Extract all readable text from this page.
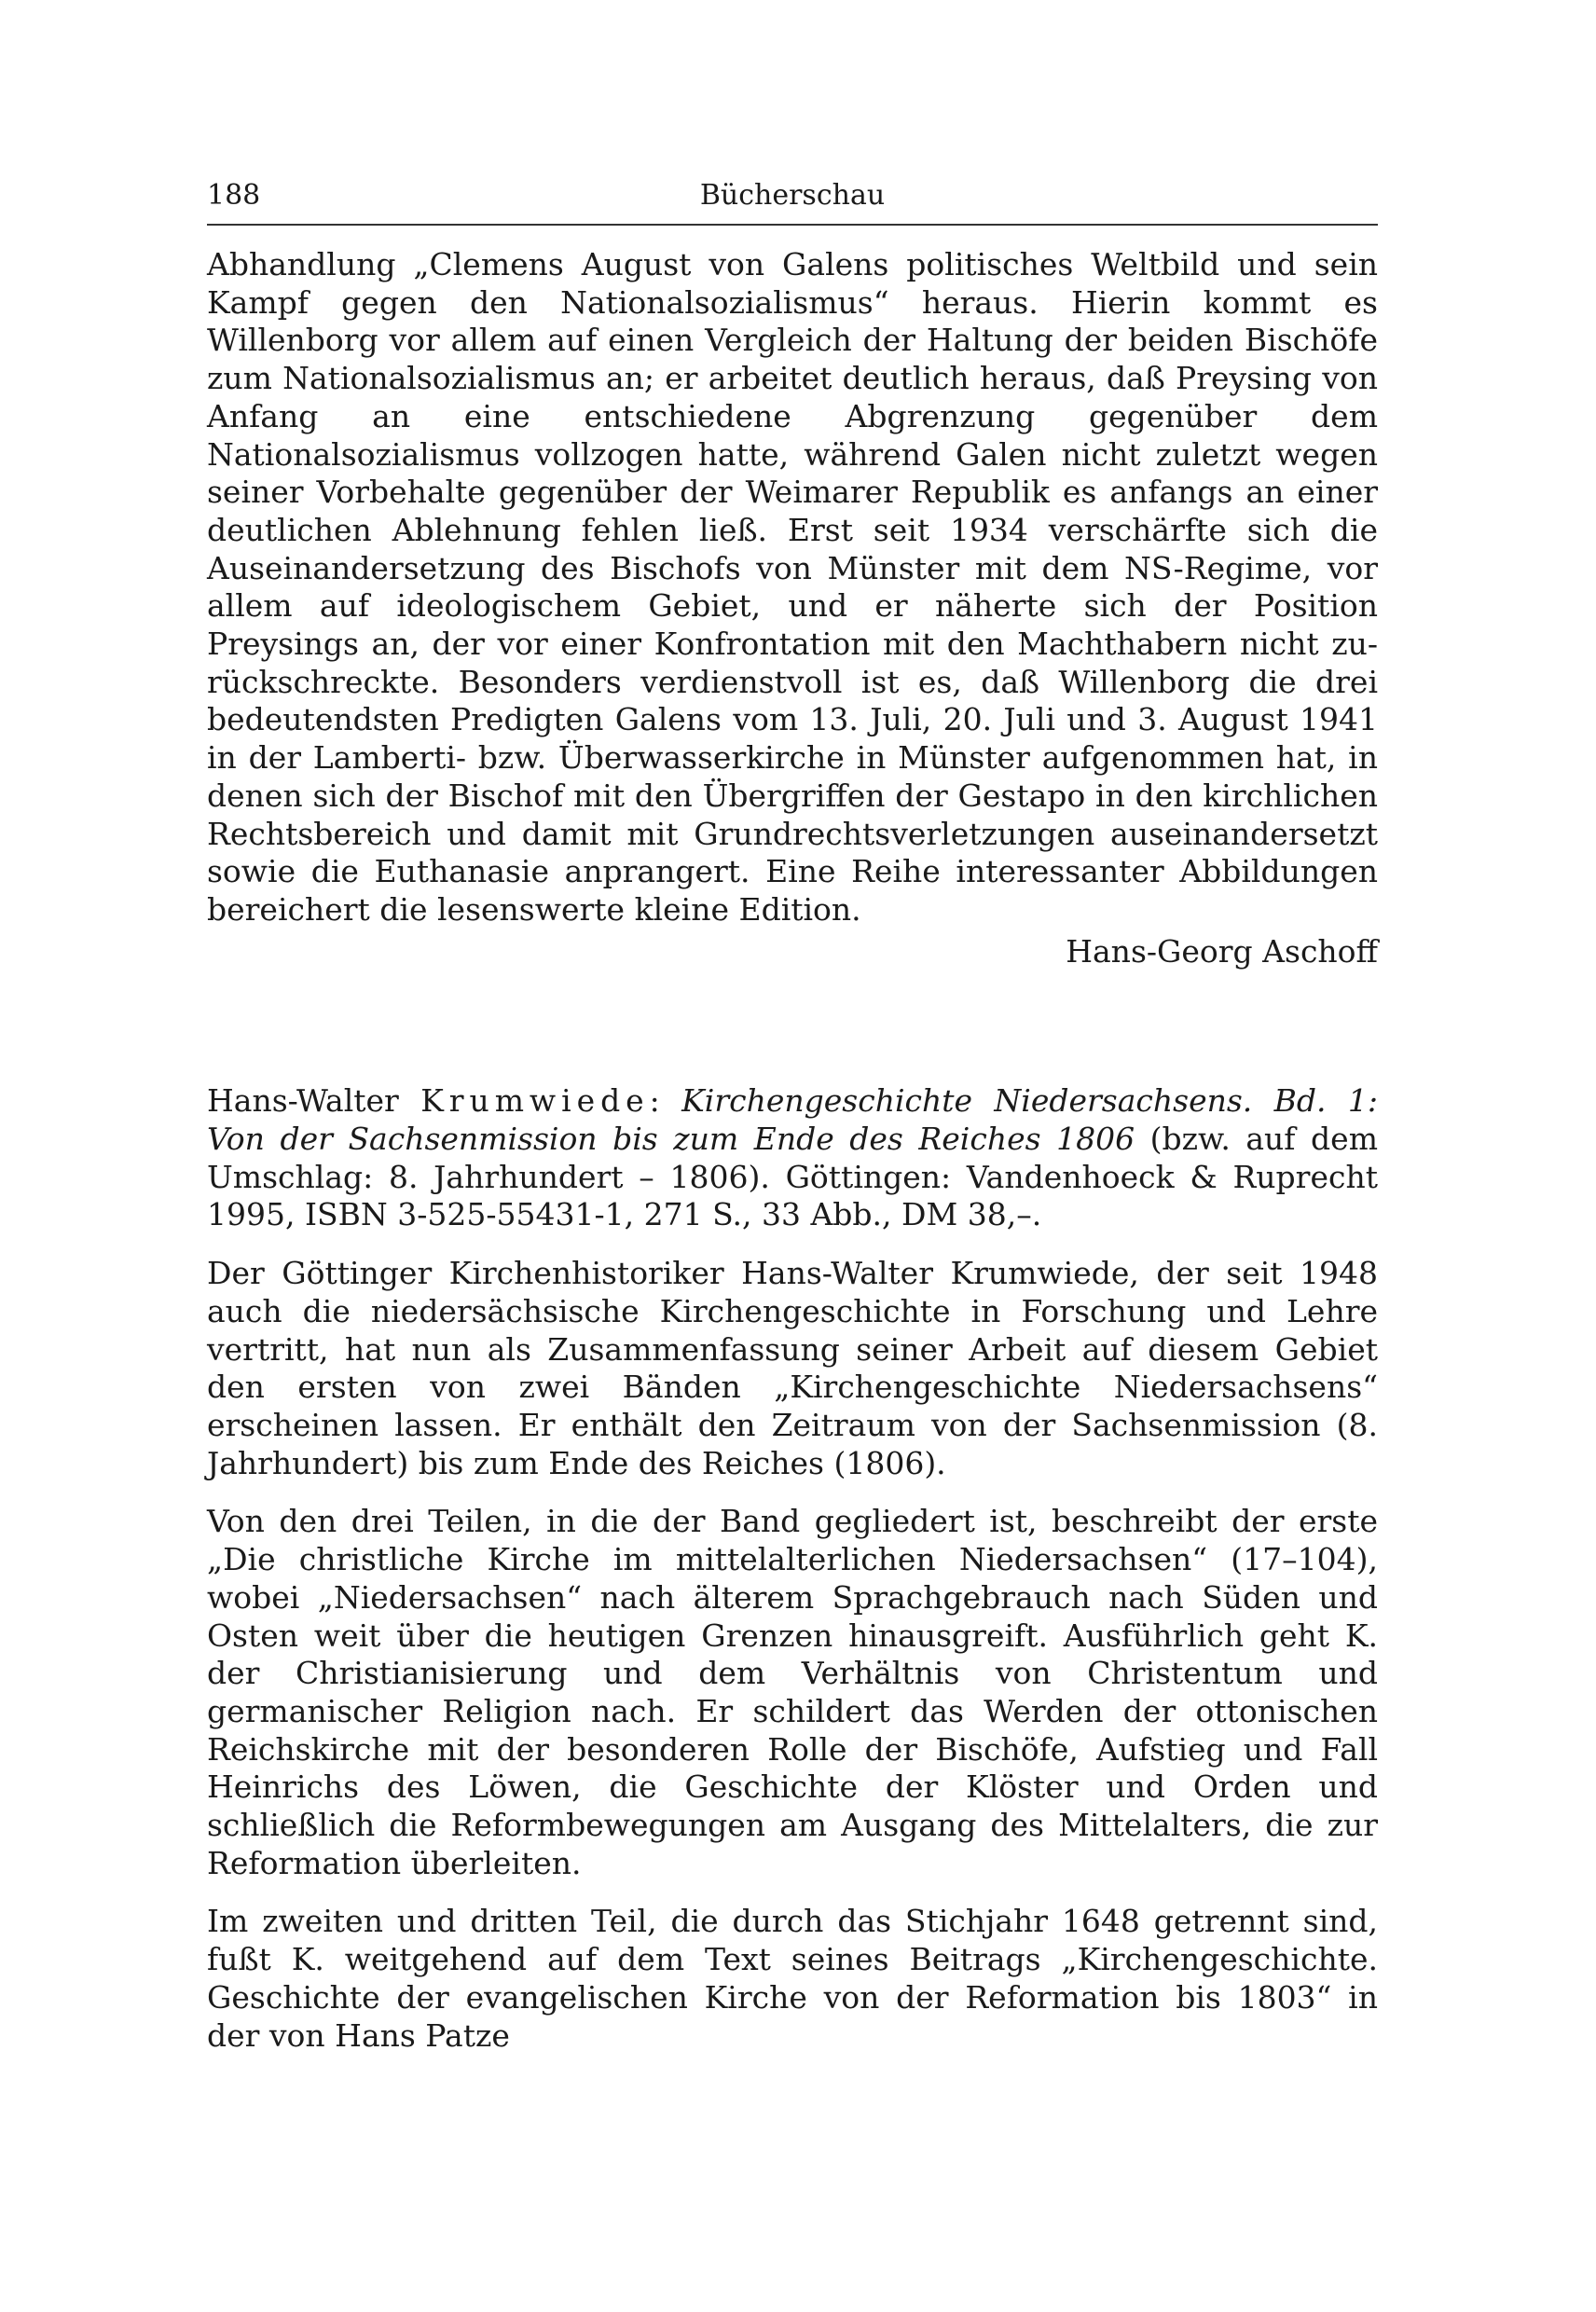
188	Bücherschau

Abhandlung „Clemens August von Galens politisches Weltbild und sein Kampf gegen den Nationalsozialismus“ heraus. Hierin kommt es Willenborg vor allem auf einen Vergleich der Haltung der beiden Bischöfe zum Nationalsozialismus an; er arbeitet deutlich heraus, daß Preysing von Anfang an eine entschiedene Abgrenzung gegenüber dem Nationalsozialismus vollzogen hatte, während Galen nicht zuletzt wegen seiner Vorbehalte gegenüber der Weimarer Republik es anfangs an einer deutlichen Ablehnung fehlen ließ. Erst seit 1934 verschärfte sich die Auseinandersetzung des Bischofs von Münster mit dem NS-Regime, vor allem auf ideologischem Gebiet, und er näherte sich der Position Preysings an, der vor einer Konfrontation mit den Machthabern nicht zurückschreckte. Besonders verdienstvoll ist es, daß Willenborg die drei bedeutendsten Predigten Galens vom 13. Juli, 20. Juli und 3. August 1941 in der Lamberti- bzw. Überwasserkirche in Münster aufgenommen hat, in denen sich der Bischof mit den Übergriffen der Gestapo in den kirchlichen Rechtsbereich und damit mit Grundrechtsverletzungen auseinandersetzt sowie die Euthanasie anprangert. Eine Reihe interessanter Abbildungen bereichert die lesenswerte kleine Edition.

Hans-Georg Aschoff

Hans-Walter Krumwiede: Kirchengeschichte Niedersachsens. Bd. 1: Von der Sachsenmission bis zum Ende des Reiches 1806 (bzw. auf dem Umschlag: 8. Jahrhundert – 1806). Göttingen: Vandenhoeck & Ruprecht 1995, ISBN 3-525-55431-1, 271 S., 33 Abb., DM 38,–.

Der Göttinger Kirchenhistoriker Hans-Walter Krumwiede, der seit 1948 auch die niedersächsische Kirchengeschichte in Forschung und Lehre vertritt, hat nun als Zusammenfassung seiner Arbeit auf diesem Gebiet den ersten von zwei Bänden „Kirchengeschichte Niedersachsens“ erscheinen lassen. Er enthält den Zeitraum von der Sachsenmission (8. Jahrhundert) bis zum Ende des Reiches (1806).

Von den drei Teilen, in die der Band gegliedert ist, beschreibt der erste „Die christliche Kirche im mittelalterlichen Niedersachsen“ (17–104), wobei „Niedersachsen“ nach älterem Sprachgebrauch nach Süden und Osten weit über die heutigen Grenzen hinausgreift. Ausführlich geht K. der Christianisierung und dem Verhältnis von Christentum und germanischer Religion nach. Er schildert das Werden der ottonischen Reichskirche mit der besonderen Rolle der Bischöfe, Aufstieg und Fall Heinrichs des Löwen, die Geschichte der Klöster und Orden und schließlich die Reformbewegungen am Ausgang des Mittelalters, die zur Reformation überleiten.

Im zweiten und dritten Teil, die durch das Stichjahr 1648 getrennt sind, fußt K. weitgehend auf dem Text seines Beitrags „Kirchengeschichte. Geschichte der evangelischen Kirche von der Reformation bis 1803“ in der von Hans Patze
